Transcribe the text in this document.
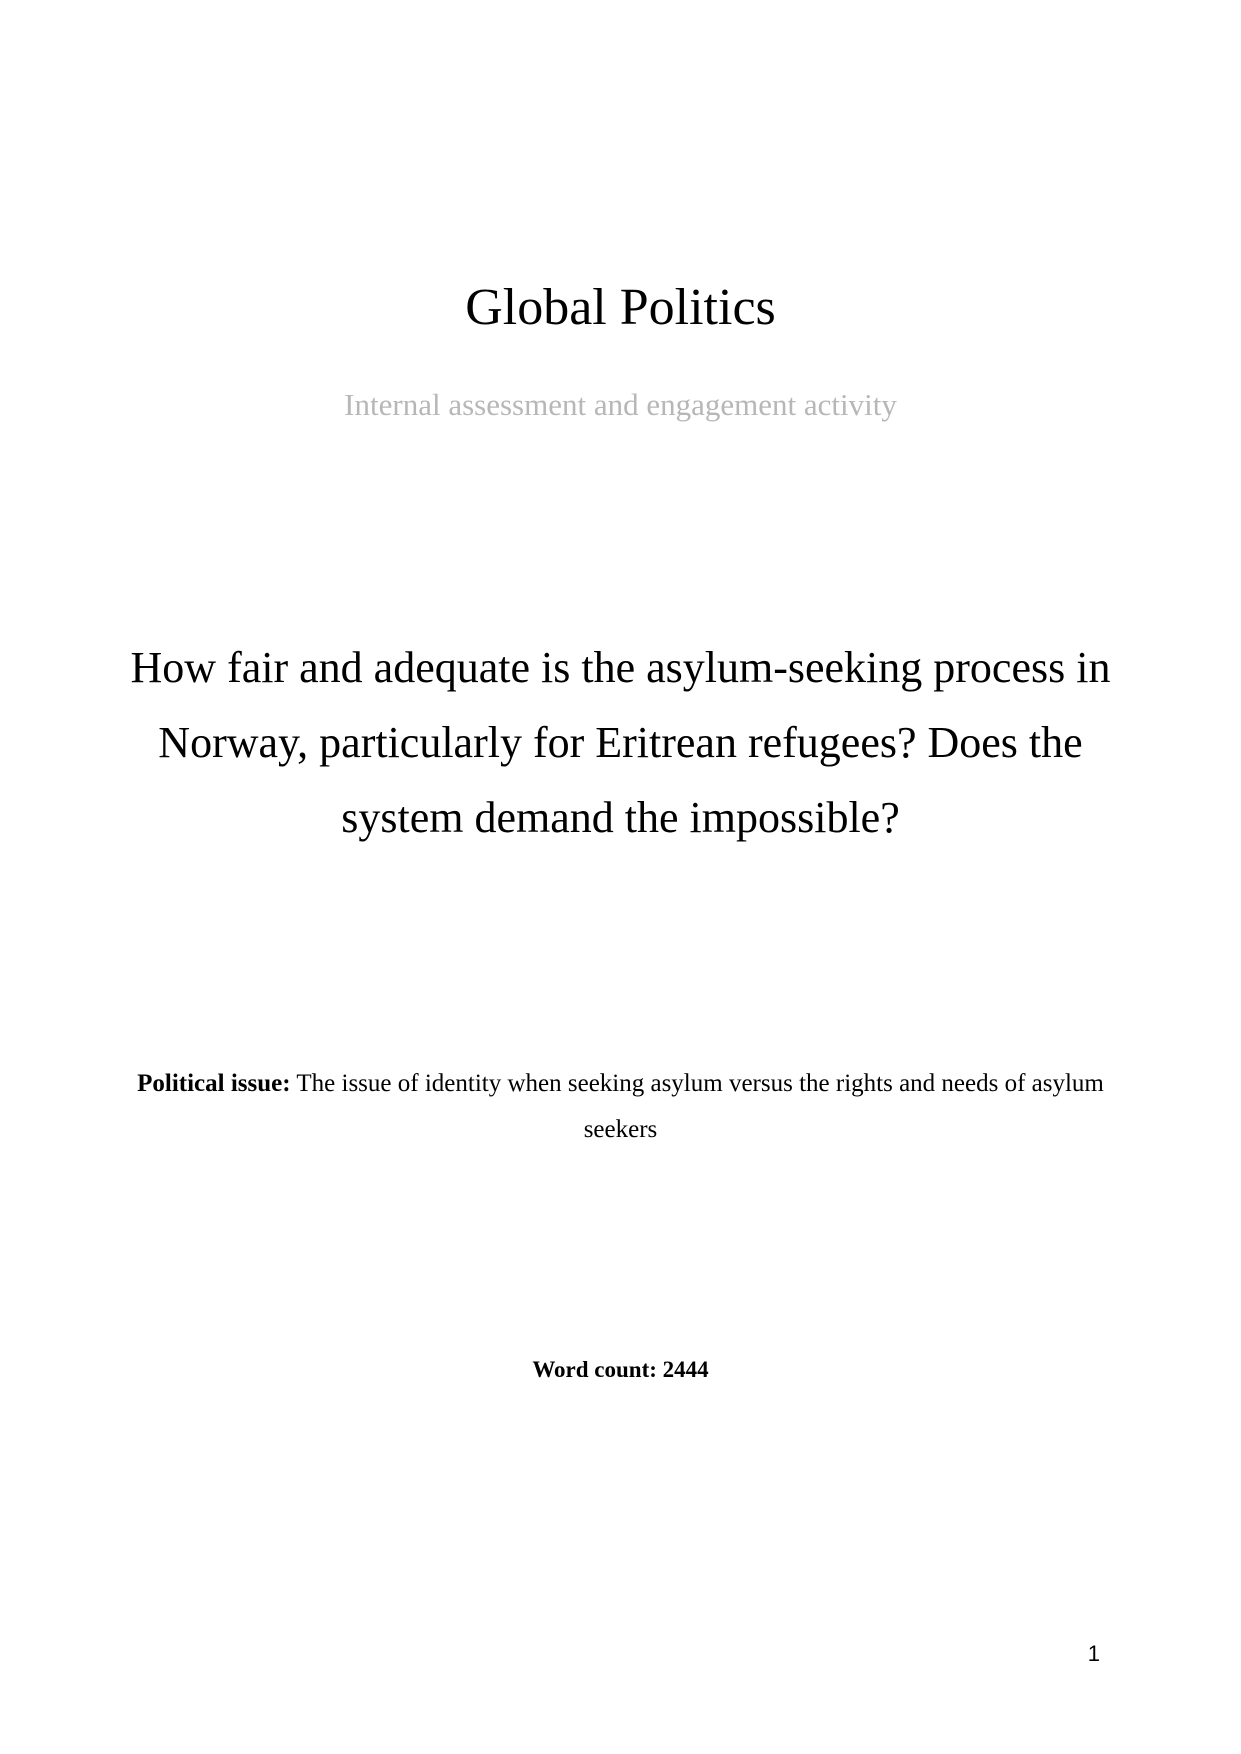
Global Politics
Internal assessment and engagement activity
How fair and adequate is the asylum-seeking process in Norway, particularly for Eritrean refugees? Does the system demand the impossible?
Political issue: The issue of identity when seeking asylum versus the rights and needs of asylum seekers
Word count: 2444
1
